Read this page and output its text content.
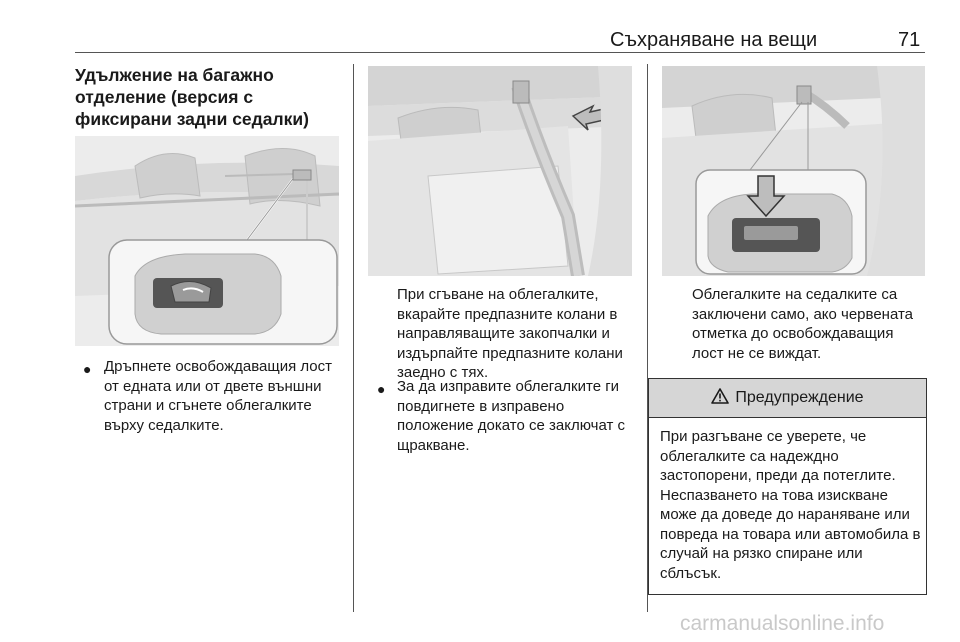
Съхраняване на вещи	71
Удължение на багажно отделение (версия с фиксирани задни седалки)
● Дръпнете освобождаващия лост от едната или от двете външни страни и сгънете облегалките върху седалките.
При сгъване на облегалките, вкарайте предпазните колани в направляващите закопчалки и издърпайте предпазните колани заедно с тях.
● За да изправите облегалките ги повдигнете в изправено положение докато се заключат с щракване.
Облегалките на седалките са заключени само, ако червената отметка до освобождаващия лост не се виждат.
Предупреждение
При разгъване се уверете, че облегалките са надеждно застопорени, преди да потеглите. Неспазването на това изискване може да доведе до нараняване или повреда на товара или автомобила в случай на рязко спиране или сблъсък.
carmanualsonline.info
